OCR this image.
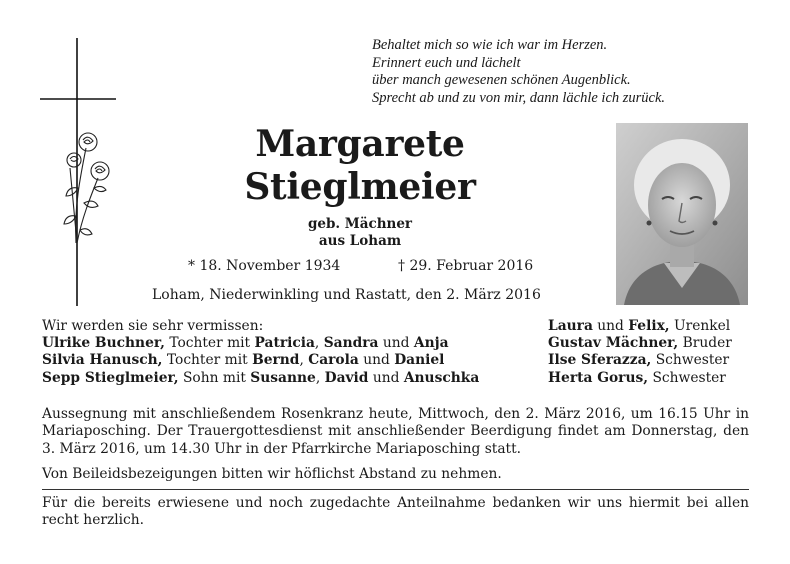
Behaltet mich so wie ich war im Herzen.
Erinnert euch und lächelt
über manch gewesenen schönen Augenblick.
Sprecht ab und zu von mir, dann lächle ich zurück.
Margarete
Stieglmeier
geb. Mächner
aus Loham
* 18. November 1934	† 29. Februar 2016
Loham, Niederwinkling und Rastatt, den 2. März 2016
Wir werden sie sehr vermissen:
Ulrike Buchner, Tochter mit Patricia, Sandra und Anja
Silvia Hanusch, Tochter mit Bernd, Carola und Daniel
Sepp Stieglmeier, Sohn mit Susanne, David und Anuschka
Laura und Felix, Urenkel
Gustav Mächner, Bruder
Ilse Sferazza, Schwester
Herta Gorus, Schwester
Aussegnung mit anschließendem Rosenkranz heute, Mittwoch, den 2. März 2016, um 16.15 Uhr in Mariaposching. Der Trauergottesdienst mit anschließender Beerdigung findet am Donnerstag, den 3. März 2016, um 14.30 Uhr in der Pfarrkirche Mariaposching statt.
Von Beileidsbezeigungen bitten wir höflichst Abstand zu nehmen.
Für die bereits erwiesene und noch zugedachte Anteilnahme bedanken wir uns hiermit bei allen recht herzlich.
